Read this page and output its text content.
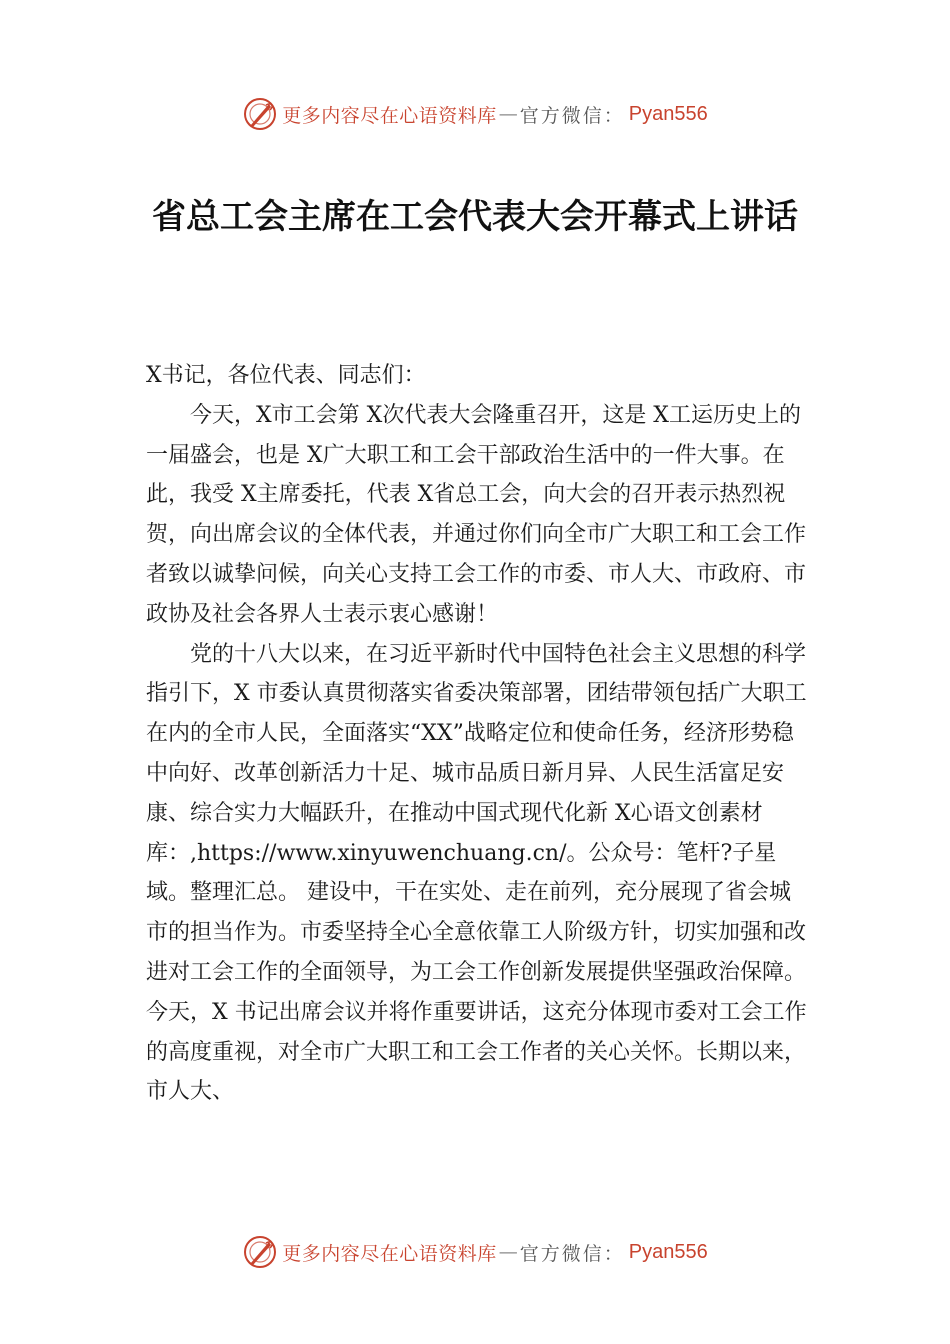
更多内容尽在心语资料库 — 官方微信： Pyan556
省总工会主席在工会代表大会开幕式上讲话

X书记，各位代表、同志们：

今天，X市工会第 X次代表大会隆重召开，这是 X工运历史上的一届盛会，也是 X广大职工和工会干部政治生活中的一件大事。在此，我受 X主席委托，代表 X省总工会，向大会的召开表示热烈祝贺，向出席会议的全体代表，并通过你们向全市广大职工和工会工作者致以诚挚问候，向关心支持工会工作的市委、市人大、市政府、市政协及社会各界人士表示衷心感谢！

党的十八大以来，在习近平新时代中国特色社会主义思想的科学指引下，X 市委认真贯彻落实省委决策部署，团结带领包括广大职工在内的全市人民，全面落实“XX”战略定位和使命任务，经济形势稳中向好、改革创新活力十足、城市品质日新月异、人民生活富足安康、综合实力大幅跃升，在推动中国式现代化新 X心语文创素材库：,https://www.xinyuwenchuang.cn/。公众号：笔杆?子星域。整理汇总。 建设中，干在实处、走在前列，充分展现了省会城市的担当作为。市委坚持全心全意依靠工人阶级方针，切实加强和改进对工会工作的全面领导，为工会工作创新发展提供坚强政治保障。今天，X 书记出席会议并将作重要讲话，这充分体现市委对工会工作的高度重视，对全市广大职工和工会工作者的关心关怀。长期以来，市人大、

更多内容尽在心语资料库 — 官方微信： Pyan556
